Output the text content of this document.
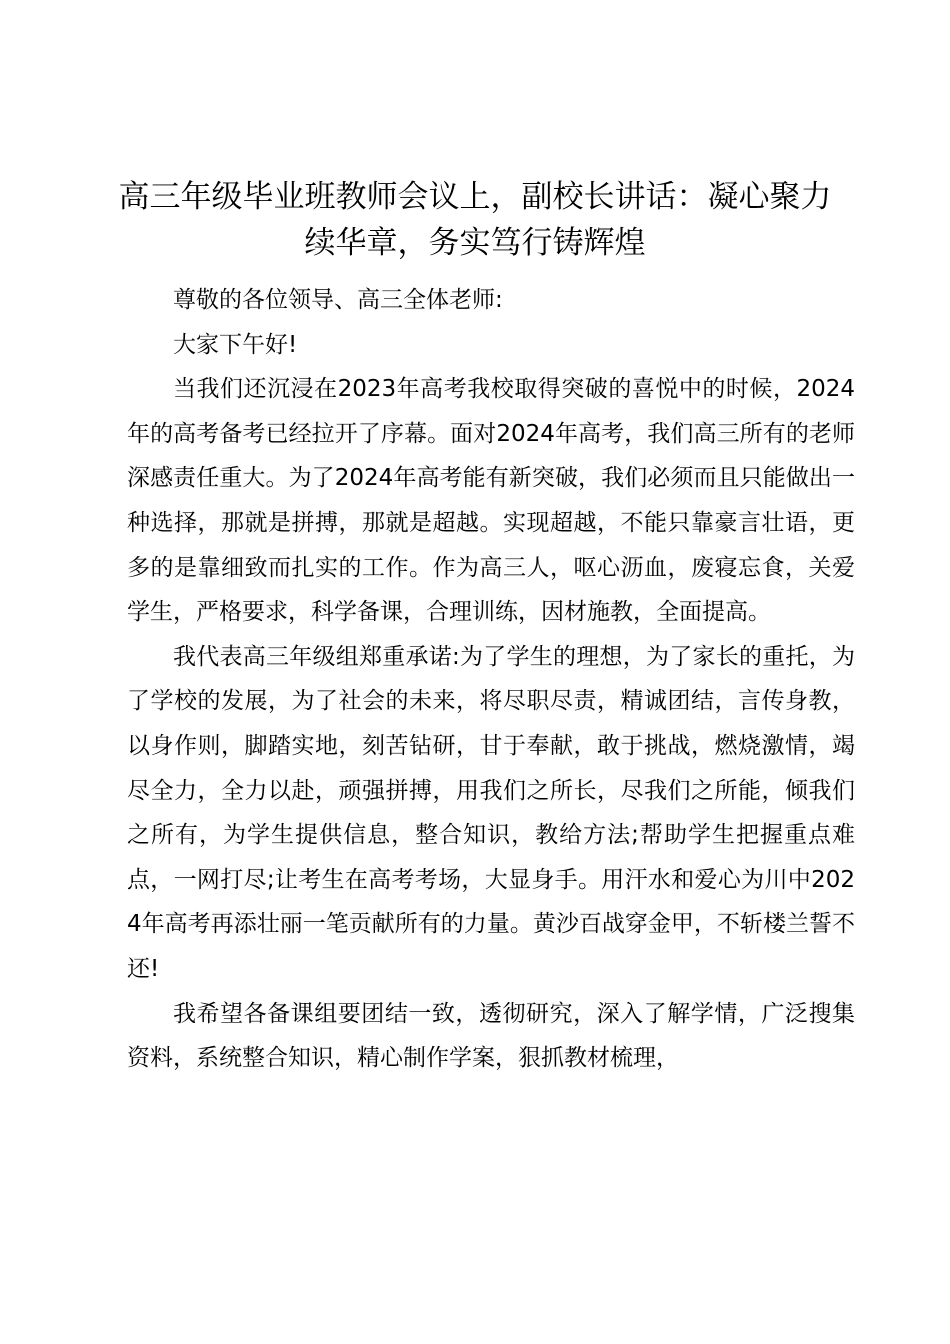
高三年级毕业班教师会议上，副校长讲话：凝心聚力续华章，务实笃行铸辉煌

尊敬的各位领导、高三全体老师:

大家下午好!

当我们还沉浸在2023年高考我校取得突破的喜悦中的时候，2024年的高考备考已经拉开了序幕。面对2024年高考，我们高三所有的老师深感责任重大。为了2024年高考能有新突破，我们必须而且只能做出一种选择，那就是拼搏，那就是超越。实现超越，不能只靠豪言壮语，更多的是靠细致而扎实的工作。作为高三人，呕心沥血，废寝忘食，关爱学生，严格要求，科学备课，合理训练，因材施教，全面提高。

我代表高三年级组郑重承诺:为了学生的理想，为了家长的重托，为了学校的发展，为了社会的未来，将尽职尽责，精诚团结，言传身教，以身作则，脚踏实地，刻苦钻研，甘于奉献，敢于挑战，燃烧激情，竭尽全力，全力以赴，顽强拼搏，用我们之所长，尽我们之所能，倾我们之所有，为学生提供信息，整合知识，教给方法;帮助学生把握重点难点，一网打尽;让考生在高考考场，大显身手。用汗水和爱心为川中2024年高考再添壮丽一笔贡献所有的力量。黄沙百战穿金甲，不斩楼兰誓不还!

我希望各备课组要团结一致，透彻研究，深入了解学情，广泛搜集资料，系统整合知识，精心制作学案，狠抓教材梳理，
